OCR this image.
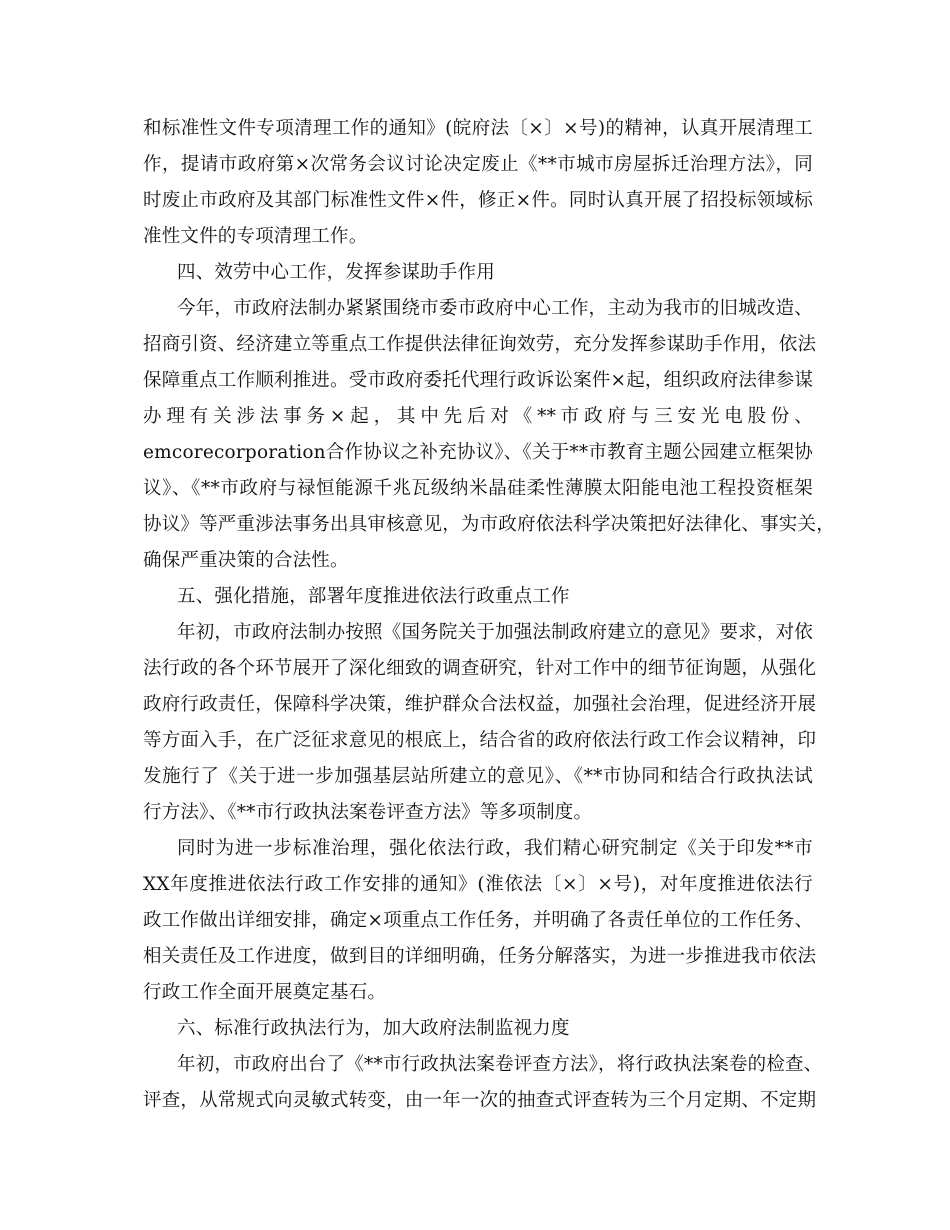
和标准性文件专项清理工作的通知》(皖府法〔×〕×号)的精神，认真开展清理工
作，提请市政府第×次常务会议讨论决定废止《**市城市房屋拆迁治理方法》，同
时废止市政府及其部门标准性文件×件，修正×件。同时认真开展了招投标领域标
准性文件的专项清理工作。
四、效劳中心工作，发挥参谋助手作用
今年，市政府法制办紧紧围绕市委市政府中心工作，主动为我市的旧城改造、
招商引资、经济建立等重点工作提供法律征询效劳，充分发挥参谋助手作用，依法
保障重点工作顺利推进。受市政府委托代理行政诉讼案件×起，组织政府法律参谋
办理有关涉法事务×起，其中先后对《**市政府与三安光电股份、
emcorecorporation合作协议之补充协议》、《关于**市教育主题公园建立框架协
议》、《**市政府与禄恒能源千兆瓦级纳米晶硅柔性薄膜太阳能电池工程投资框架
协议》等严重涉法事务出具审核意见，为市政府依法科学决策把好法律化、事实关，
确保严重决策的合法性。
五、强化措施，部署年度推进依法行政重点工作
年初，市政府法制办按照《国务院关于加强法制政府建立的意见》要求，对依
法行政的各个环节展开了深化细致的调查研究，针对工作中的细节征询题，从强化
政府行政责任，保障科学决策，维护群众合法权益，加强社会治理，促进经济开展
等方面入手，在广泛征求意见的根底上，结合省的政府依法行政工作会议精神，印
发施行了《关于进一步加强基层站所建立的意见》、《**市协同和结合行政执法试
行方法》、《**市行政执法案卷评查方法》等多项制度。
同时为进一步标准治理，强化依法行政，我们精心研究制定《关于印发**市
XX年度推进依法行政工作安排的通知》(淮依法〔×〕×号)，对年度推进依法行
政工作做出详细安排，确定×项重点工作任务，并明确了各责任单位的工作任务、
相关责任及工作进度，做到目的详细明确，任务分解落实，为进一步推进我市依法
行政工作全面开展奠定基石。
六、标准行政执法行为，加大政府法制监视力度
年初，市政府出台了《**市行政执法案卷评查方法》，将行政执法案卷的检查、
评查，从常规式向灵敏式转变，由一年一次的抽查式评查转为三个月定期、不定期
